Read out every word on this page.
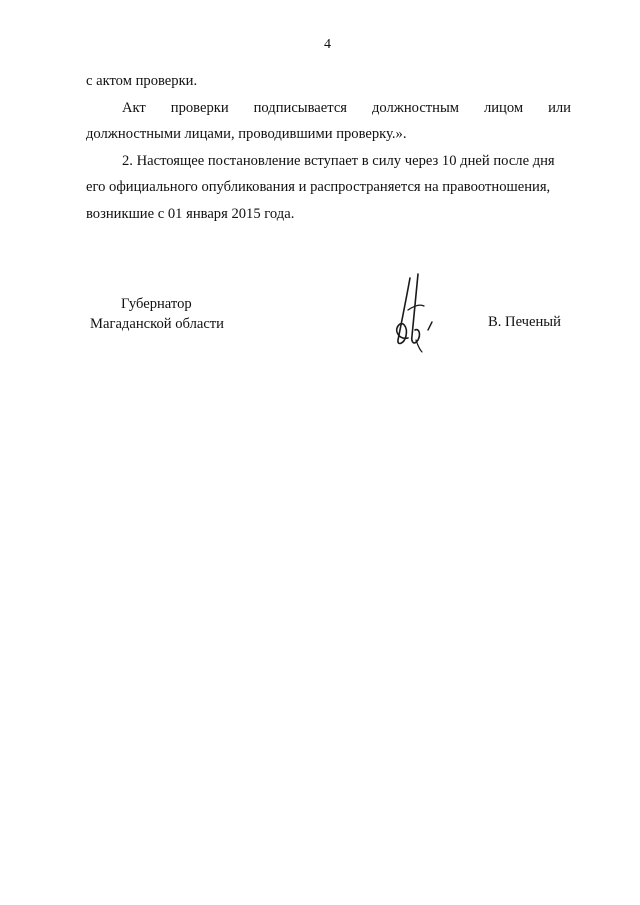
4
с актом проверки.
Акт проверки подписывается должностным лицом или
должностными лицами, проводившими проверку.».
2. Настоящее постановление вступает в силу через 10 дней после дня
его официального опубликования и распространяется на правоотношения,
возникшие с 01 января 2015 года.
Губернатор
Магаданской области	В. Печеный
